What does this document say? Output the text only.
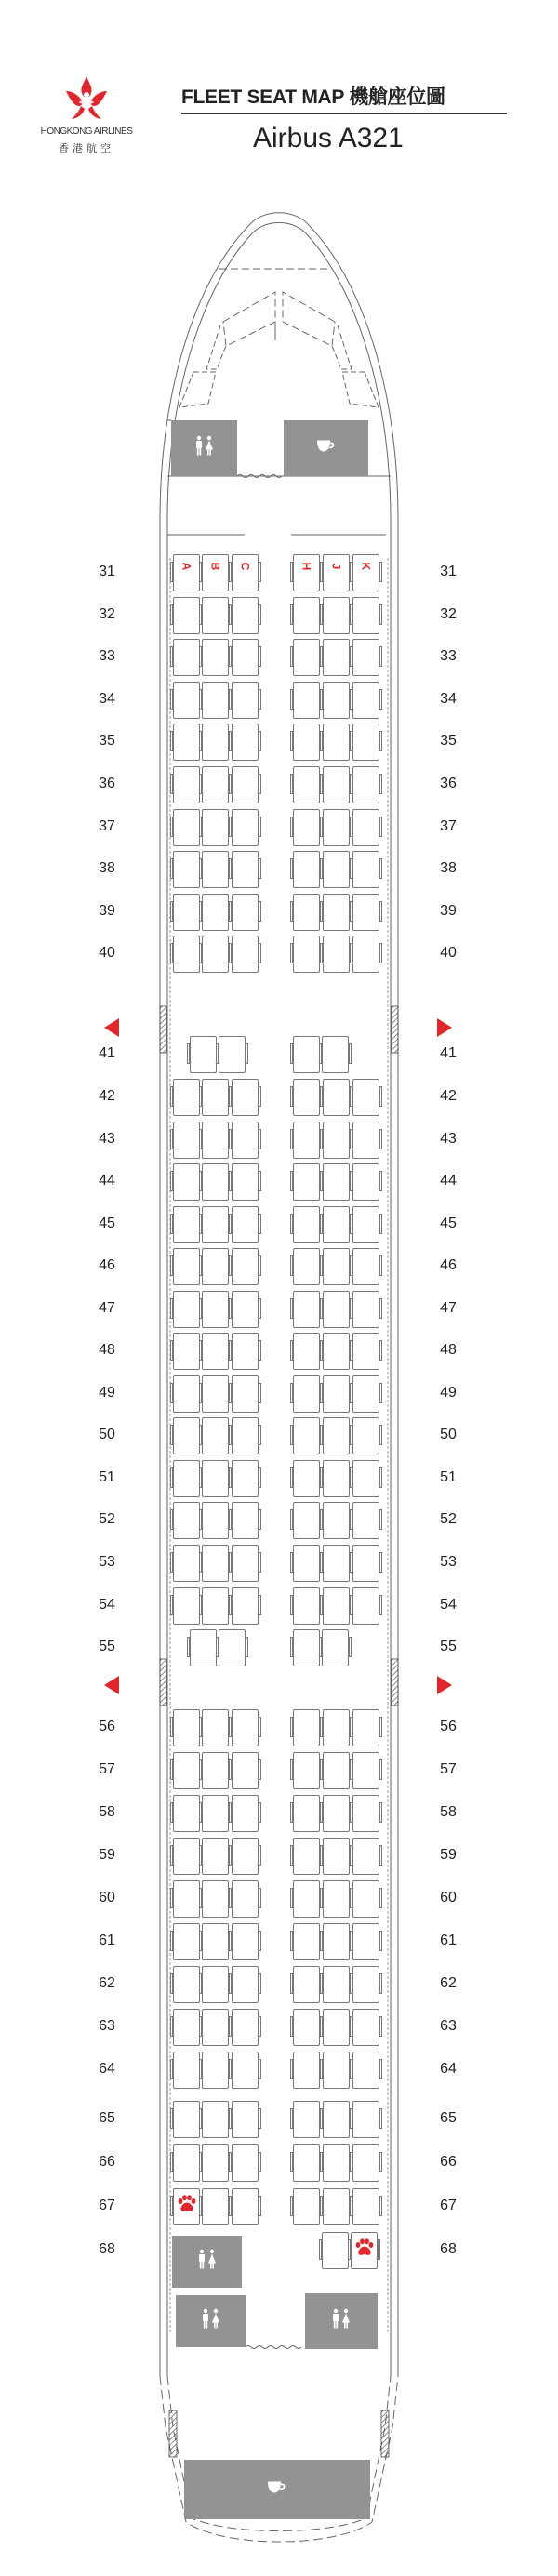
HONGKONG AIRLINES
香港航空
FLEET SEAT MAP 機艙座位圖
Airbus A321
31	31
A B C	H J K
32	32
33	33
34	34
35	35
36	36
37	37
38	38
39	39
40	40
41	41
42	42
43	43
44	44
45	45
46	46
47	47
48	48
49	49
50	50
51	51
52	52
53	53
54	54
55	55
56	56
57	57
58	58
59	59
60	60
61	61
62	62
63	63
64	64
65	65
66	66
67	67
68	68
